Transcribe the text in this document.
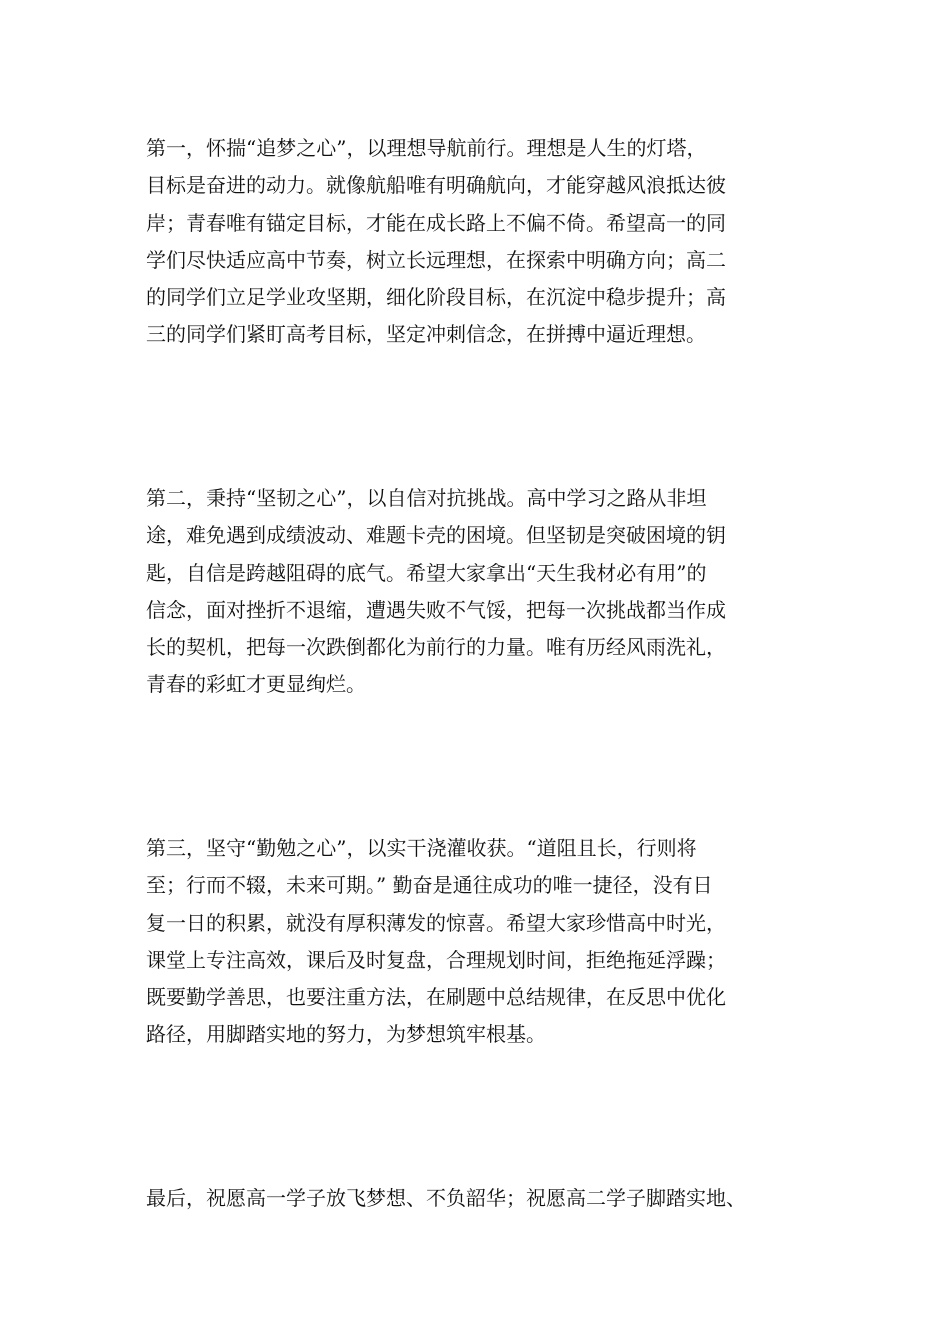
第一，怀揣“追梦之心”，以理想导航前行。理想是人生的灯塔，
目标是奋进的动力。就像航船唯有明确航向，才能穿越风浪抵达彼
岸；青春唯有锚定目标，才能在成长路上不偏不倚。希望高一的同
学们尽快适应高中节奏，树立长远理想，在探索中明确方向；高二
的同学们立足学业攻坚期，细化阶段目标，在沉淀中稳步提升；高
三的同学们紧盯高考目标，坚定冲刺信念，在拼搏中逼近理想。

第二，秉持“坚韧之心”，以自信对抗挑战。高中学习之路从非坦
途，难免遇到成绩波动、难题卡壳的困境。但坚韧是突破困境的钥
匙，自信是跨越阻碍的底气。希望大家拿出“天生我材必有用”的
信念，面对挫折不退缩，遭遇失败不气馁，把每一次挑战都当作成
长的契机，把每一次跌倒都化为前行的力量。唯有历经风雨洗礼，
青春的彩虹才更显绚烂。

第三，坚守“勤勉之心”，以实干浇灌收获。“道阻且长，行则将
至；行而不辍，未来可期。” 勤奋是通往成功的唯一捷径，没有日
复一日的积累，就没有厚积薄发的惊喜。希望大家珍惜高中时光，
课堂上专注高效，课后及时复盘，合理规划时间，拒绝拖延浮躁；
既要勤学善思，也要注重方法，在刷题中总结规律，在反思中优化
路径，用脚踏实地的努力，为梦想筑牢根基。

最后，祝愿高一学子放飞梦想、不负韶华；祝愿高二学子脚踏实地、
